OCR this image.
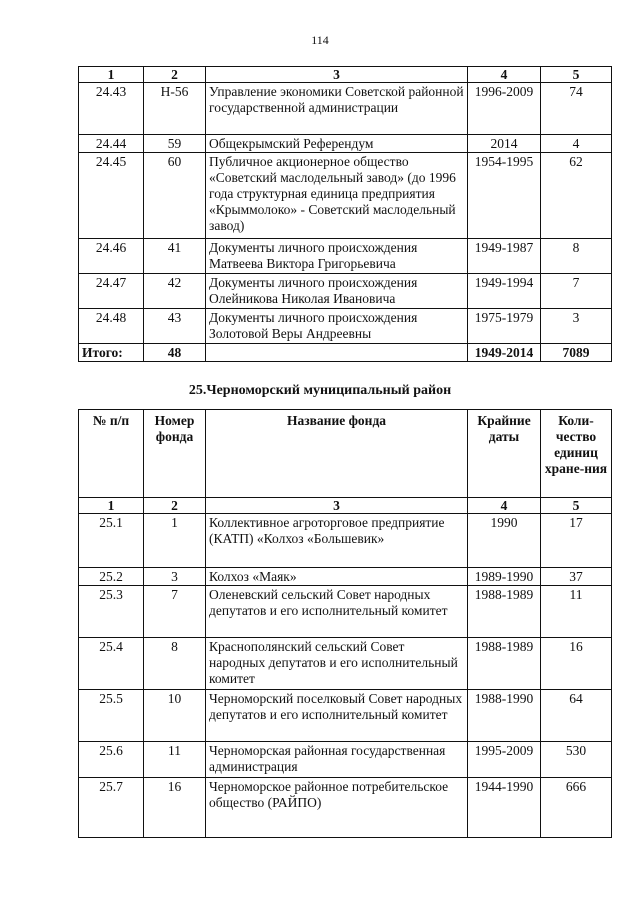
114
1	2	3	4	5
24.43	Н-56	Управление экономики Советской районной государственной администрации	1996-2009	74
24.44	59	Общекрымский Референдум	2014	4
24.45	60	Публичное акционерное общество «Советский маслодельный завод» (до 1996 года структурная единица предприятия «Крыммолоко» - Советский маслодельный завод)	1954-1995	62
24.46	41	Документы личного происхождения Матвеева Виктора Григорьевича	1949-1987	8
24.47	42	Документы личного происхождения Олейникова Николая Ивановича	1949-1994	7
24.48	43	Документы личного происхождения Золотовой Веры Андреевны	1975-1979	3
Итого:	48		1949-2014	7089
25.Черноморский муниципальный район
№ п/п	Номер фонда	Название фонда	Крайние даты	Коли-чество единиц хране-ния
1	2	3	4	5
25.1	1	Коллективное агроторговое предприятие (КАТП) «Колхоз «Большевик»	1990	17
25.2	3	Колхоз «Маяк»	1989-1990	37
25.3	7	Оленевский сельский Совет народных депутатов и его исполнительный комитет	1988-1989	11
25.4	8	Краснополянский сельский Совет народных депутатов и его исполнительный комитет	1988-1989	16
25.5	10	Черноморский поселковый Совет народных депутатов и его исполнительный комитет	1988-1990	64
25.6	11	Черноморская районная государственная администрация	1995-2009	530
25.7	16	Черноморское районное потребительское общество (РАЙПО)	1944-1990	666
